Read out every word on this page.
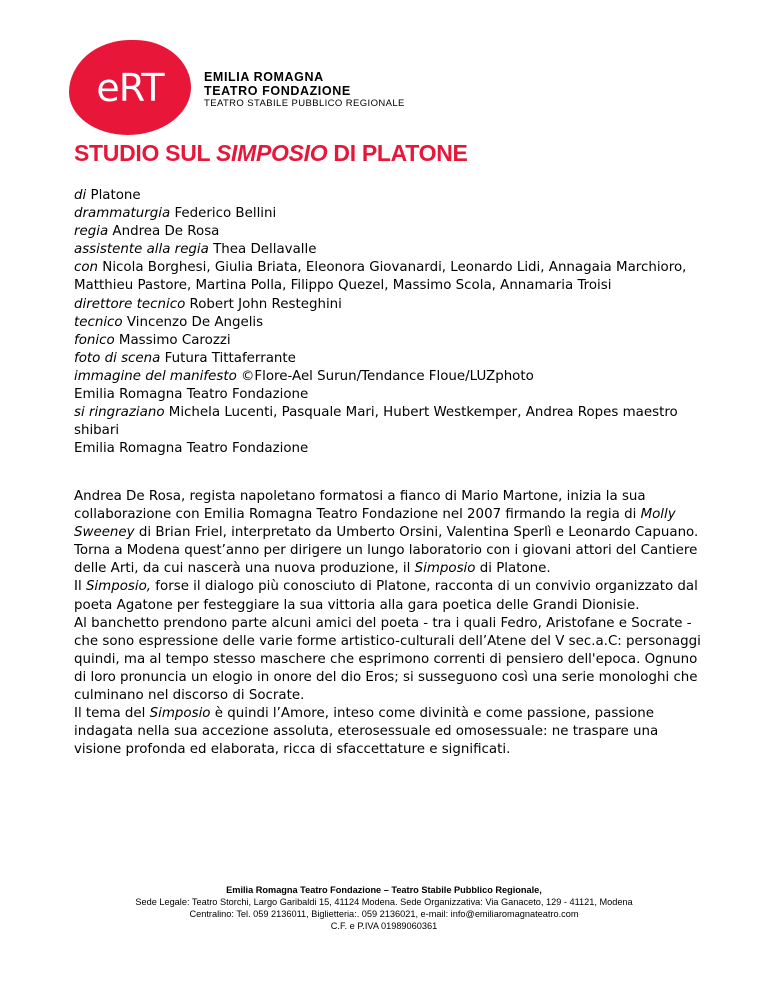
eRT	EMILIA ROMAGNA
TEATRO FONDAZIONE
TEATRO STABILE PUBBLICO REGIONALE
STUDIO SUL SIMPOSIO DI PLATONE
di Platone
drammaturgia Federico Bellini
regia Andrea De Rosa
assistente alla regia Thea Dellavalle
con Nicola Borghesi, Giulia Briata, Eleonora Giovanardi, Leonardo Lidi, Annagaia Marchioro, Matthieu Pastore, Martina Polla, Filippo Quezel, Massimo Scola, Annamaria Troisi
direttore tecnico Robert John Resteghini
tecnico Vincenzo De Angelis
fonico Massimo Carozzi
foto di scena Futura Tittaferrante
immagine del manifesto ©Flore-Ael Surun/Tendance Floue/LUZphoto
Emilia Romagna Teatro Fondazione
si ringraziano Michela Lucenti, Pasquale Mari, Hubert Westkemper, Andrea Ropes maestro shibari
Emilia Romagna Teatro Fondazione
Andrea De Rosa, regista napoletano formatosi a fianco di Mario Martone, inizia la sua collaborazione con Emilia Romagna Teatro Fondazione nel 2007 firmando la regia di Molly Sweeney di Brian Friel, interpretato da Umberto Orsini, Valentina Sperlì e Leonardo Capuano. Torna a Modena quest’anno per dirigere un lungo laboratorio con i giovani attori del Cantiere delle Arti, da cui nascerà una nuova produzione, il Simposio di Platone.
Il Simposio, forse il dialogo più conosciuto di Platone, racconta di un convivio organizzato dal poeta Agatone per festeggiare la sua vittoria alla gara poetica delle Grandi Dionisie.
Al banchetto prendono parte alcuni amici del poeta - tra i quali Fedro, Aristofane e Socrate - che sono espressione delle varie forme artistico-culturali dell’Atene del V sec.a.C: personaggi quindi, ma al tempo stesso maschere che esprimono correnti di pensiero dell'epoca. Ognuno di loro pronuncia un elogio in onore del dio Eros; si susseguono così una serie monologhi che culminano nel discorso di Socrate.
Il tema del Simposio è quindi l’Amore, inteso come divinità e come passione, passione indagata nella sua accezione assoluta, eterosessuale ed omosessuale: ne traspare una visione profonda ed elaborata, ricca di sfaccettature e significati.
Emilia Romagna Teatro Fondazione – Teatro Stabile Pubblico Regionale,
Sede Legale: Teatro Storchi, Largo Garibaldi 15, 41124 Modena. Sede Organizzativa: Via Ganaceto, 129 - 41121, Modena
Centralino: Tel. 059 2136011, Biglietteria:. 059 2136021, e-mail: info@emiliaromagnateatro.com
C.F. e P.IVA 01989060361
